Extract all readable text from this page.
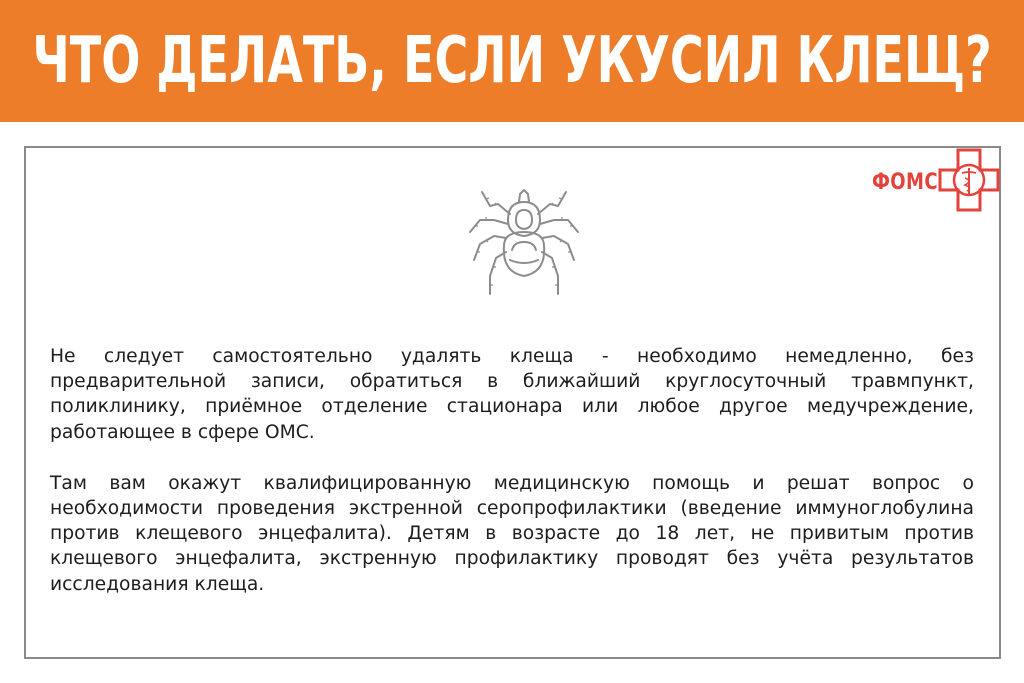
ЧТО ДЕЛАТЬ, ЕСЛИ УКУСИЛ КЛЕЩ?
ФОМС

Не следует самостоятельно удалять клеща - необходимо немедленно, без предварительной записи, обратиться в ближайший круглосуточный травмпункт, поликлинику, приёмное отделение стационара или любое другое медучреждение, работающее в сфере ОМС.

Там вам окажут квалифицированную медицинскую помощь и решат вопрос о необходимости проведения экстренной серопрофилактики (введение иммуноглобулина против клещевого энцефалита). Детям в возрасте до 18 лет, не привитым против клещевого энцефалита, экстренную профилактику проводят без учёта результатов исследования клеща.
